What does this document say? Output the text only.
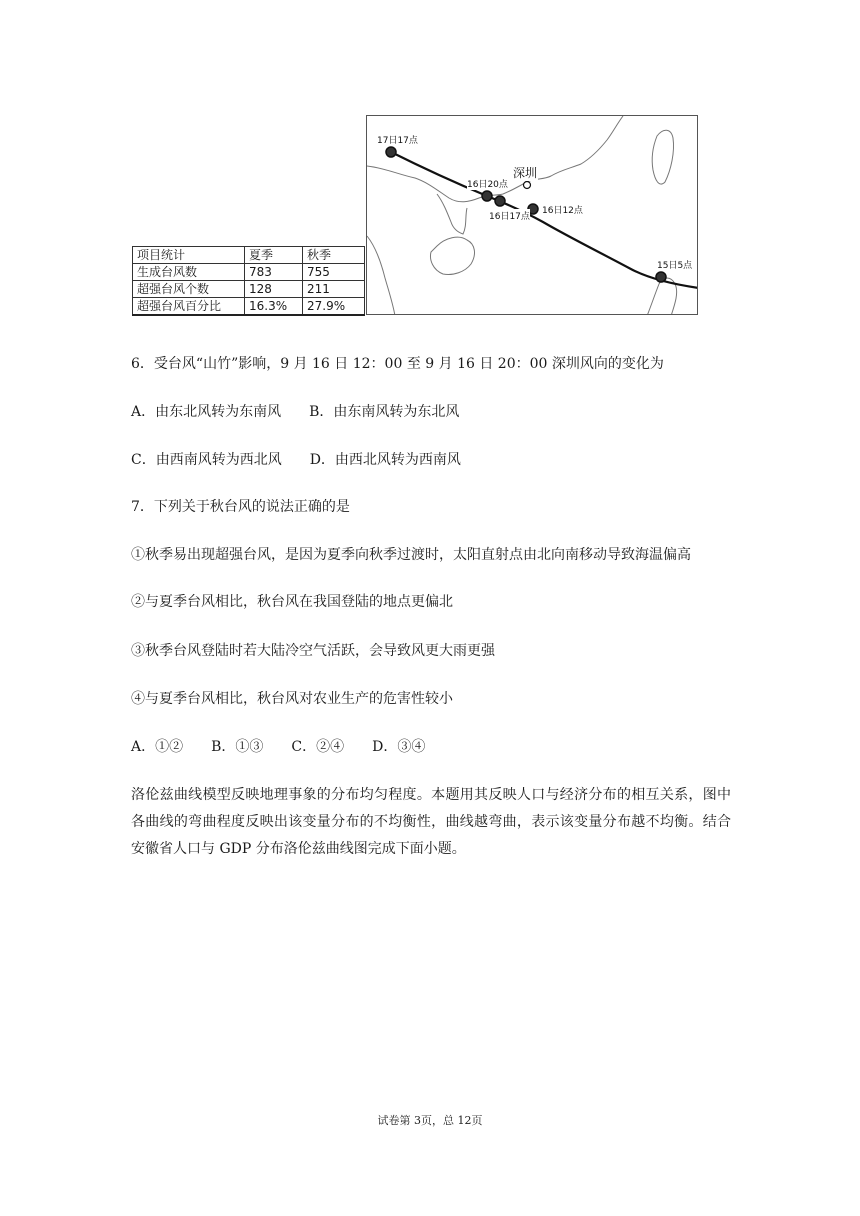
项目统计	夏季	秋季
生成台风数	783	755
超强台风个数	128	211
超强台风百分比	16.3%	27.9%
17日17点
16日20点
16日17点
16日12点
15日5点
深圳
6．受台风“山竹”影响，9 月 16 日 12：00 至 9 月 16 日 20：00 深圳风向的变化为
A．由东北风转为东南风　　B．由东南风转为东北风
C．由西南风转为西北风　　D．由西北风转为西南风
7．下列关于秋台风的说法正确的是
①秋季易出现超强台风，是因为夏季向秋季过渡时，太阳直射点由北向南移动导致海温偏高
②与夏季台风相比，秋台风在我国登陆的地点更偏北
③秋季台风登陆时若大陆冷空气活跃，会导致风更大雨更强
④与夏季台风相比，秋台风对农业生产的危害性较小
A．①②　　B．①③　　C．②④　　D．③④
洛伦兹曲线模型反映地理事象的分布均匀程度。本题用其反映人口与经济分布的相互关系，图中各曲线的弯曲程度反映出该变量分布的不均衡性，曲线越弯曲，表示该变量分布越不均衡。结合安徽省人口与 GDP 分布洛伦兹曲线图完成下面小题。
试卷第 3页，总 12页
